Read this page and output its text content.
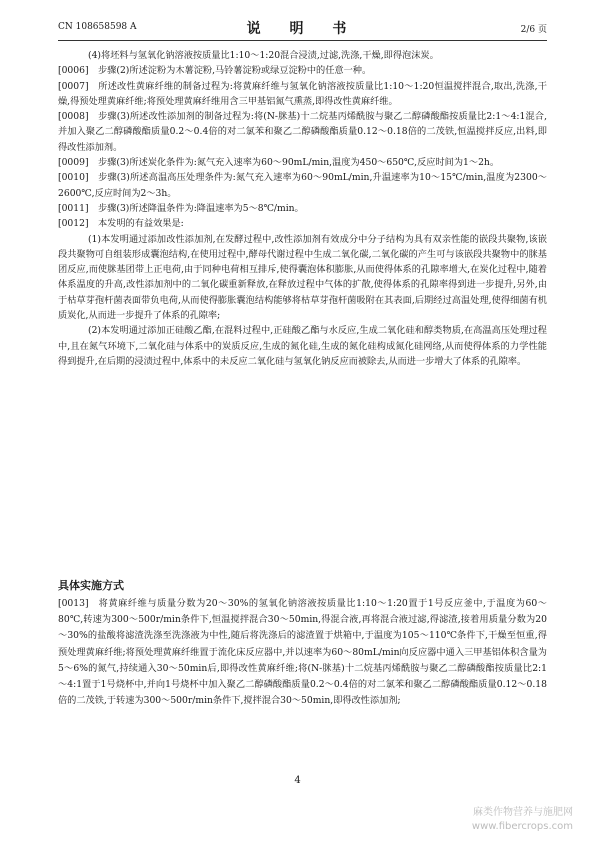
CN 108658598 A	说 明 书	2/6 页

(4)将坯料与氢氧化钠溶液按质量比1:10～1:20混合浸渍,过滤,洗涤,干燥,即得泡沫炭。

[0006] 步骤(2)所述淀粉为木薯淀粉,马铃薯淀粉或绿豆淀粉中的任意一种。

[0007] 所述改性黄麻纤维的制备过程为:将黄麻纤维与氢氧化钠溶液按质量比1:10～1:20恒温搅拌混合,取出,洗涤,干燥,得预处理黄麻纤维;将预处理黄麻纤维用含三甲基铝氮气熏蒸,即得改性黄麻纤维。

[0008] 步骤(3)所述改性添加剂的制备过程为:将(N-脒基)十二烷基丙烯酰胺与聚乙二醇磷酸酯按质量比2:1～4:1混合,并加入聚乙二醇磷酸酯质量0.2～0.4倍的对二氯苯和聚乙二醇磷酸酯质量0.12～0.18倍的二茂铁,恒温搅拌反应,出料,即得改性添加剂。

[0009] 步骤(3)所述炭化条件为:氮气充入速率为60～90mL/min,温度为450～650℃,反应时间为1～2h。

[0010] 步骤(3)所述高温高压处理条件为:氮气充入速率为60～90mL/min,升温速率为10～15℃/min,温度为2300～2600℃,反应时间为2～3h。

[0011] 步骤(3)所述降温条件为:降温速率为5～8℃/min。

[0012] 本发明的有益效果是:

(1)本发明通过添加改性添加剂,在发酵过程中,改性添加剂有效成分中分子结构为具有双亲性能的嵌段共聚物,该嵌段共聚物可自组装形成囊泡结构,在使用过程中,酵母代谢过程中生成二氧化碳,二氧化碳的产生可与该嵌段共聚物中的脒基团反应,而使脒基团带上正电荷,由于同种电荷相互排斥,使得囊泡体积膨胀,从而使得体系的孔隙率增大,在炭化过程中,随着体系温度的升高,改性添加剂中的二氧化碳重新释放,在释放过程中气体的扩散,使得体系的孔隙率得到进一步提升,另外,由于枯草芽孢杆菌表面带负电荷,从而使得膨胀囊泡结构能够将枯草芽孢杆菌吸附在其表面,后期经过高温处理,使得细菌有机质炭化,从而进一步提升了体系的孔隙率;

(2)本发明通过添加正硅酸乙酯,在混料过程中,正硅酸乙酯与水反应,生成二氧化硅和醇类物质,在高温高压处理过程中,且在氮气环境下,二氧化硅与体系中的炭质反应,生成的氮化硅,生成的氮化硅构成氮化硅网络,从而使得体系的力学性能得到提升,在后期的浸渍过程中,体系中的未反应二氧化硅与氢氧化钠反应而被除去,从而进一步增大了体系的孔隙率。

具体实施方式

[0013] 将黄麻纤维与质量分数为20～30%的氢氧化钠溶液按质量比1:10～1:20置于1号反应釜中,于温度为60～80℃,转速为300～500r/min条件下,恒温搅拌混合30～50min,得混合液,再将混合液过滤,得滤渣,接着用质量分数为20～30%的盐酸将滤渣洗涤至洗涤液为中性,随后将洗涤后的滤渣置于烘箱中,于温度为105～110℃条件下,干燥至恒重,得预处理黄麻纤维;将预处理黄麻纤维置于流化床反应器中,并以速率为60～80mL/min向反应器中通入三甲基铝体积含量为5～6%的氮气,持续通入30～50min后,即得改性黄麻纤维;将(N-脒基)十二烷基丙烯酰胺与聚乙二醇磷酸酯按质量比2:1～4:1置于1号烧杯中,并向1号烧杯中加入聚乙二醇磷酸酯质量0.2～0.4倍的对二氯苯和聚乙二醇磷酸酯质量0.12～0.18倍的二茂铁,于转速为300～500r/min条件下,搅拌混合30～50min,即得改性添加剂;

4
麻类作物营养与施肥网
www.fibercrops.com
